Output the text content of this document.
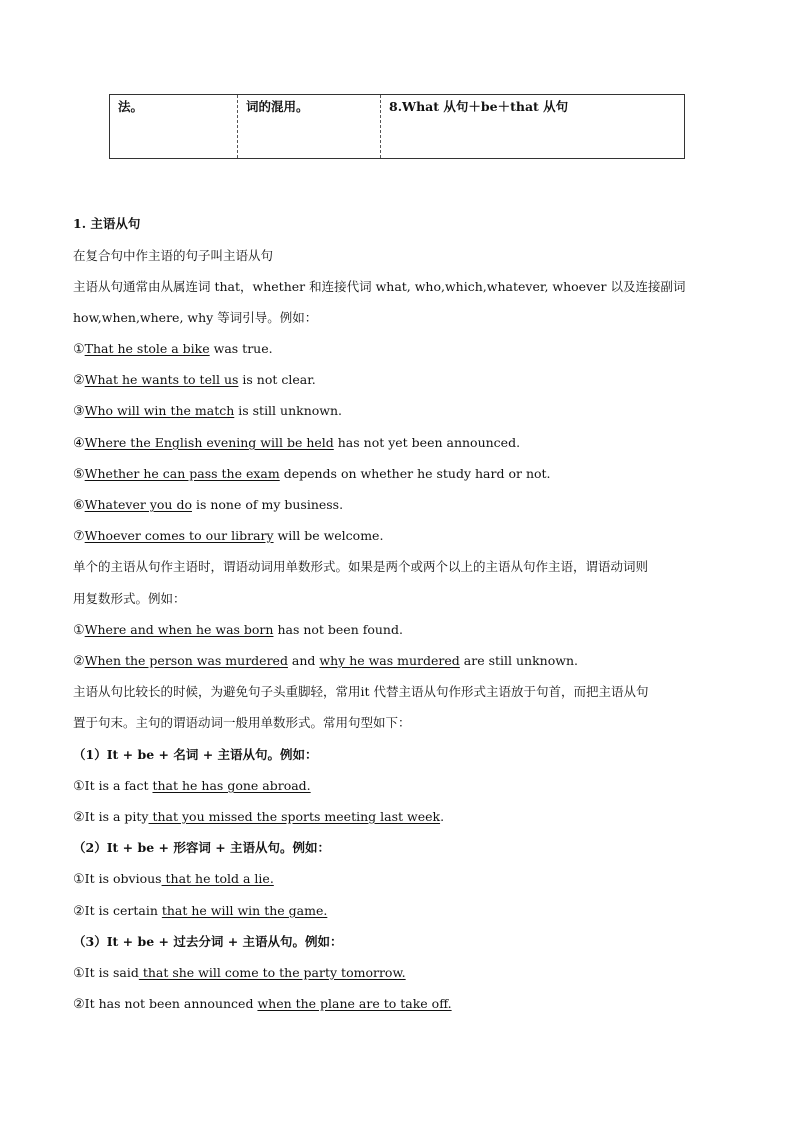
法。	词的混用。	8.What 从句＋be＋that 从句
1. 主语从句
在复合句中作主语的句子叫主语从句
主语从句通常由从属连词 that，whether 和连接代词 what, who,which,whatever, whoever 以及连接副词
how,when,where, why 等词引导。例如：
①That he stole a bike was true.
②What he wants to tell us is not clear.
③Who will win the match is still unknown.
④Where the English evening will be held has not yet been announced.
⑤Whether he can pass the exam depends on whether he study hard or not.
⑥Whatever you do is none of my business.
⑦Whoever comes to our library will be welcome.
单个的主语从句作主语时，谓语动词用单数形式。如果是两个或两个以上的主语从句作主语，谓语动词则
用复数形式。例如：
①Where and when he was born has not been found.
②When the person was murdered and why he was murdered are still unknown.
主语从句比较长的时候，为避免句子头重脚轻，常用it 代替主语从句作形式主语放于句首，而把主语从句
置于句末。主句的谓语动词一般用单数形式。常用句型如下：
（1）It + be + 名词 + 主语从句。例如：
①It is a fact that he has gone abroad.
②It is a pity that you missed the sports meeting last week.
（2）It + be + 形容词 + 主语从句。例如：
①It is obvious that he told a lie.
②It is certain that he will win the game.
（3）It + be + 过去分词 + 主语从句。例如：
①It is said that she will come to the party tomorrow.
②It has not been announced when the plane are to take off.
